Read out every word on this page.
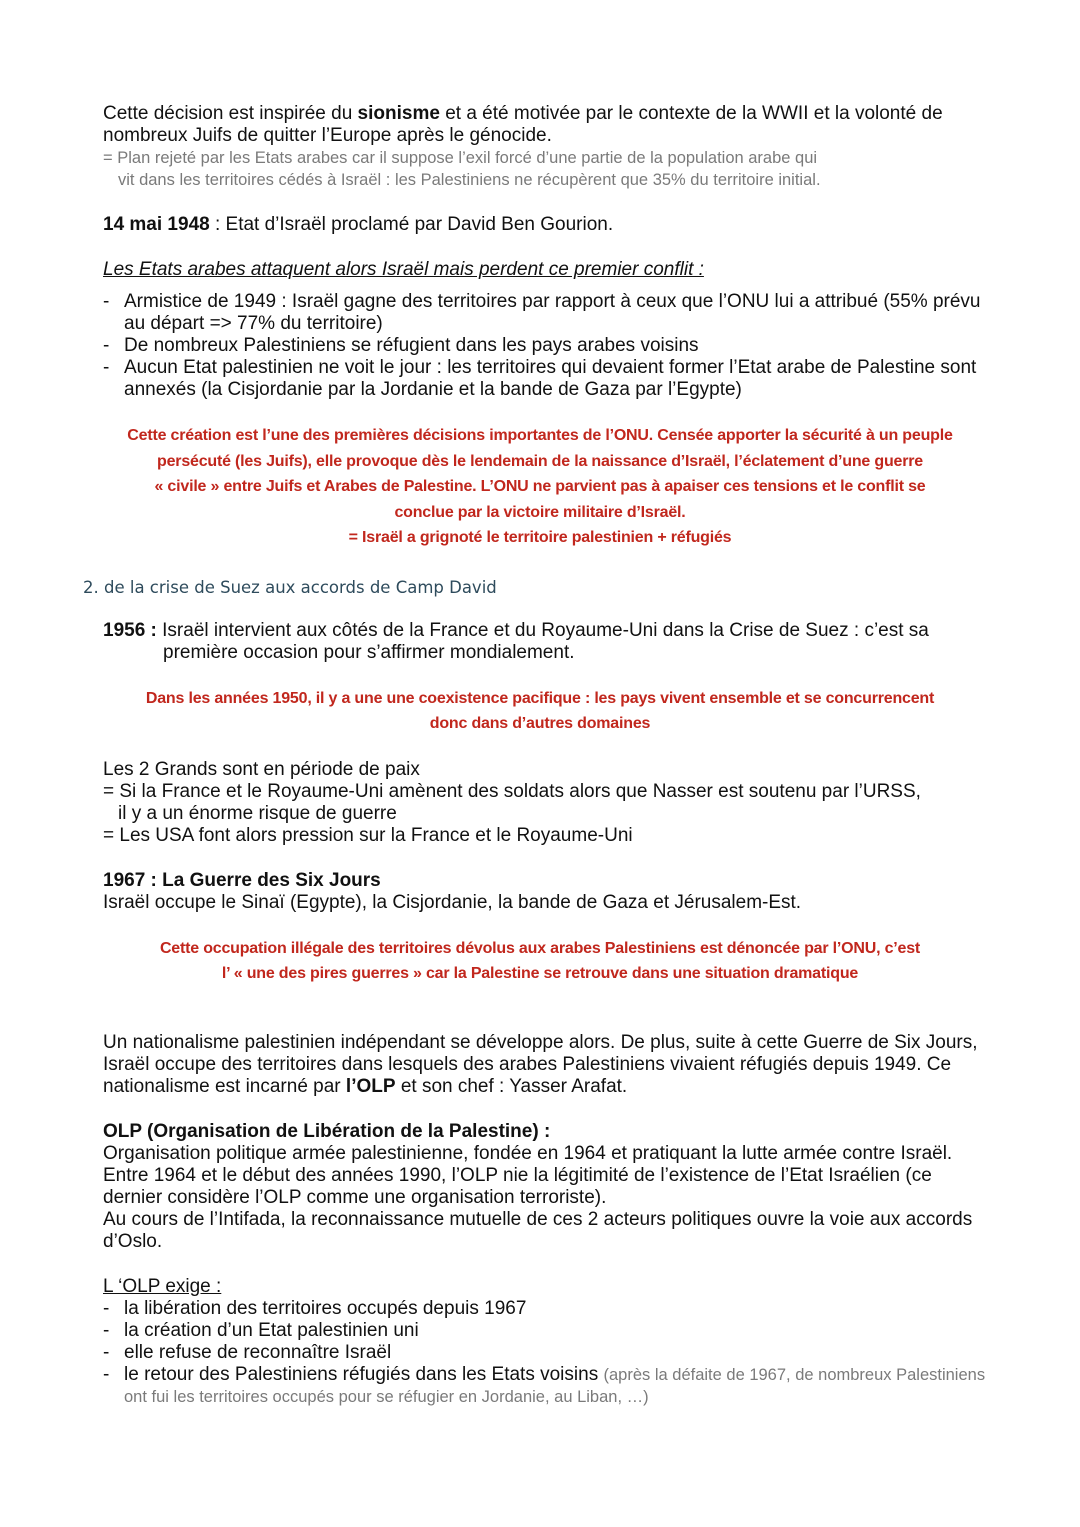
Cette décision est inspirée du sionisme et a été motivée par le contexte de la WWII et la volonté de nombreux Juifs de quitter l’Europe après le génocide.
= Plan rejeté par les Etats arabes car il suppose l’exil forcé d’une partie de la population arabe qui
vit dans les territoires cédés à Israël : les Palestiniens ne récupèrent que 35% du territoire initial.
14 mai 1948 : Etat d’Israël proclamé par David Ben Gourion.
Les Etats arabes attaquent alors Israël mais perdent ce premier conflit :
- Armistice de 1949 : Israël gagne des territoires par rapport à ceux que l’ONU lui a attribué (55% prévu au départ => 77% du territoire)
- De nombreux Palestiniens se réfugient dans les pays arabes voisins
- Aucun Etat palestinien ne voit le jour : les territoires qui devaient former l’Etat arabe de Palestine sont annexés (la Cisjordanie par la Jordanie et la bande de Gaza par l’Egypte)
Cette création est l’une des premières décisions importantes de l’ONU. Censée apporter la sécurité à un peuple
persécuté (les Juifs), elle provoque dès le lendemain de la naissance d’Israël, l’éclatement d’une guerre
« civile » entre Juifs et Arabes de Palestine. L’ONU ne parvient pas à apaiser ces tensions et le conflit se
conclue par la victoire militaire d’Israël.
= Israël a grignoté le territoire palestinien + réfugiés
2. de la crise de Suez aux accords de Camp David
1956 : Israël intervient aux côtés de la France et du Royaume-Uni dans la Crise de Suez : c’est sa première occasion pour s’affirmer mondialement.
Dans les années 1950, il y a une une coexistence pacifique : les pays vivent ensemble et se concurrencent
donc dans d’autres domaines
Les 2 Grands sont en période de paix
= Si la France et le Royaume-Uni amènent des soldats alors que Nasser est soutenu par l’URSS,
il y a un énorme risque de guerre
= Les USA font alors pression sur la France et le Royaume-Uni
1967 : La Guerre des Six Jours
Israël occupe le Sinaï (Egypte), la Cisjordanie, la bande de Gaza et Jérusalem-Est.
Cette occupation illégale des territoires dévolus aux arabes Palestiniens est dénoncée par l’ONU, c’est
l’ « une des pires guerres » car la Palestine se retrouve dans une situation dramatique
Un nationalisme palestinien indépendant se développe alors. De plus, suite à cette Guerre de Six Jours, Israël occupe des territoires dans lesquels des arabes Palestiniens vivaient réfugiés depuis 1949. Ce nationalisme est incarné par l’OLP et son chef : Yasser Arafat.
OLP (Organisation de Libération de la Palestine) :
Organisation politique armée palestinienne, fondée en 1964 et pratiquant la lutte armée contre Israël. Entre 1964 et le début des années 1990, l’OLP nie la légitimité de l’existence de l’Etat Israélien (ce dernier considère l’OLP comme une organisation terroriste).
Au cours de l’Intifada, la reconnaissance mutuelle de ces 2 acteurs politiques ouvre la voie aux accords d’Oslo.
L ‘OLP exige :
- la libération des territoires occupés depuis 1967
- la création d’un Etat palestinien uni
- elle refuse de reconnaître Israël
- le retour des Palestiniens réfugiés dans les Etats voisins (après la défaite de 1967, de nombreux Palestiniens ont fui les territoires occupés pour se réfugier en Jordanie, au Liban, …)
